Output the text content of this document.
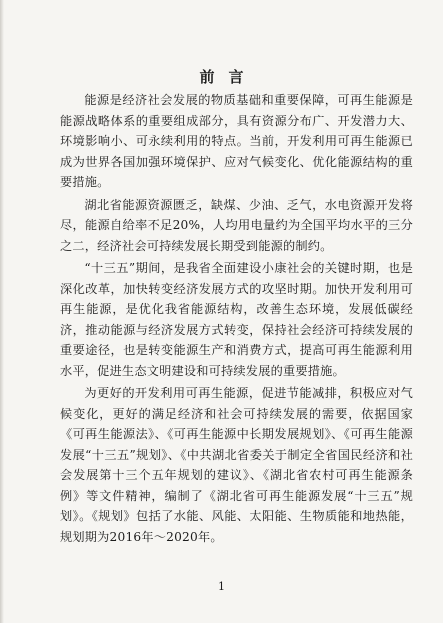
前言

能源是经济社会发展的物质基础和重要保障，可再生能源是能源战略体系的重要组成部分，具有资源分布广、开发潜力大、环境影响小、可永续利用的特点。当前，开发利用可再生能源已成为世界各国加强环境保护、应对气候变化、优化能源结构的重要措施。

湖北省能源资源匮乏，缺煤、少油、乏气，水电资源开发将尽，能源自给率不足20%，人均用电量约为全国平均水平的三分之二，经济社会可持续发展长期受到能源的制约。

“十三五”期间，是我省全面建设小康社会的关键时期，也是深化改革，加快转变经济发展方式的攻坚时期。加快开发利用可再生能源，是优化我省能源结构，改善生态环境，发展低碳经济，推动能源与经济发展方式转变，保持社会经济可持续发展的重要途径，也是转变能源生产和消费方式，提高可再生能源利用水平，促进生态文明建设和可持续发展的重要措施。

为更好的开发利用可再生能源，促进节能减排，积极应对气候变化，更好的满足经济和社会可持续发展的需要，依据国家《可再生能源法》、《可再生能源中长期发展规划》、《可再生能源发展“十三五”规划》、《中共湖北省委关于制定全省国民经济和社会发展第十三个五年规划的建议》、《湖北省农村可再生能源条例》等文件精神，编制了《湖北省可再生能源发展“十三五”规划》。《规划》包括了水能、风能、太阳能、生物质能和地热能，规划期为2016年～2020年。

1
